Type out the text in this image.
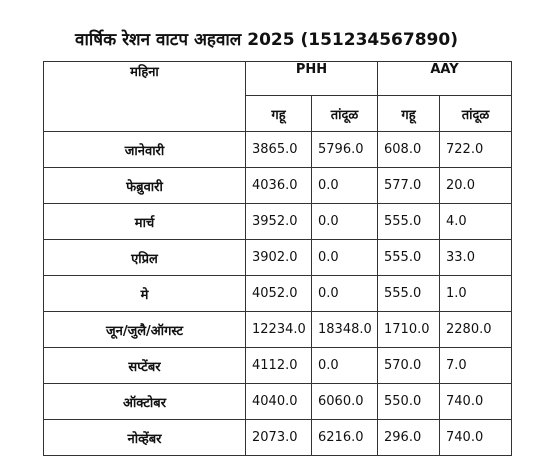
वार्षिक रेशन वाटप अहवाल 2025 (151234567890)
महिना	PHH		AAY	
	गहू	तांदूळ	गहू	तांदूळ
जानेवारी	3865.0	5796.0	608.0	722.0
फेब्रुवारी	4036.0	0.0	577.0	20.0
मार्च	3952.0	0.0	555.0	4.0
एप्रिल	3902.0	0.0	555.0	33.0
मे	4052.0	0.0	555.0	1.0
जून/जुलै/ऑगस्ट	12234.0	18348.0	1710.0	2280.0
सप्टेंबर	4112.0	0.0	570.0	7.0
ऑक्टोबर	4040.0	6060.0	550.0	740.0
नोव्हेंबर	2073.0	6216.0	296.0	740.0
